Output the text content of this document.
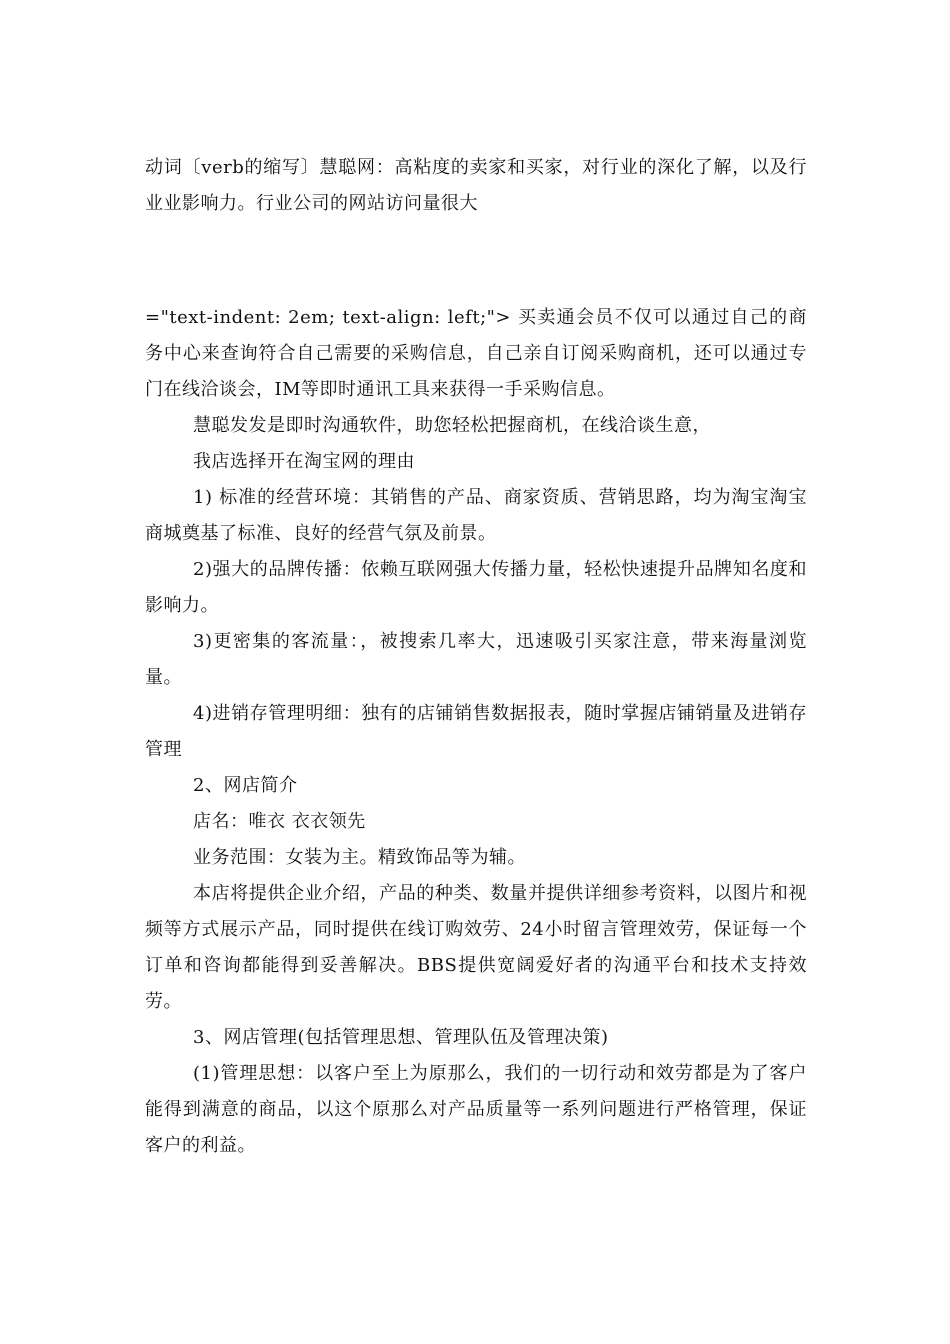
动词〔verb的缩写〕慧聪网：高粘度的卖家和买家，对行业的深化了解，以及行业业影响力。行业公司的网站访问量很大

="text-indent: 2em; text-align: left;"> 买卖通会员不仅可以通过自己的商务中心来查询符合自己需要的采购信息，自己亲自订阅采购商机，还可以通过专门在线洽谈会，IM等即时通讯工具来获得一手采购信息。

慧聪发发是即时沟通软件，助您轻松把握商机，在线洽谈生意，

我店选择开在淘宝网的理由

1) 标准的经营环境：其销售的产品、商家资质、营销思路，均为淘宝淘宝商城奠基了标准、良好的经营气氛及前景。

2)强大的品牌传播：依赖互联网强大传播力量，轻松快速提升品牌知名度和影响力。

3)更密集的客流量：，被搜索几率大，迅速吸引买家注意，带来海量浏览量。

4)进销存管理明细：独有的店铺销售数据报表，随时掌握店铺销量及进销存管理

2、网店简介

店名：唯衣 衣衣领先

业务范围：女装为主。精致饰品等为辅。

本店将提供企业介绍，产品的种类、数量并提供详细参考资料，以图片和视频等方式展示产品，同时提供在线订购效劳、24小时留言管理效劳，保证每一个订单和咨询都能得到妥善解决。BBS提供宽阔爱好者的沟通平台和技术支持效劳。

3、网店管理(包括管理思想、管理队伍及管理决策)

(1)管理思想：以客户至上为原那么，我们的一切行动和效劳都是为了客户能得到满意的商品，以这个原那么对产品质量等一系列问题进行严格管理，保证客户的利益。
